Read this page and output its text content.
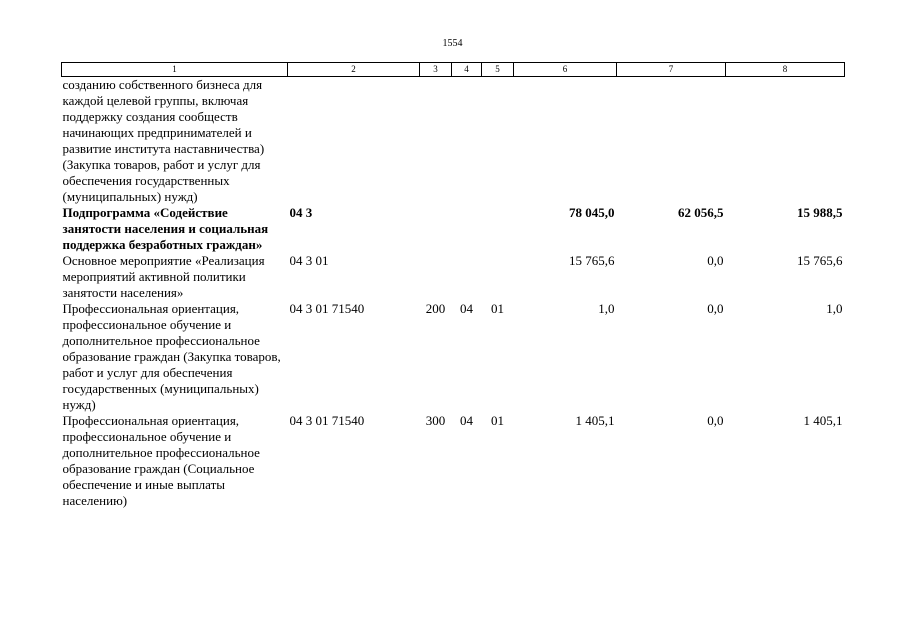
1554
1	2	3	4	5	6	7	8
созданию собственного бизнеса для каждой целевой группы, включая поддержку создания сообществ начинающих предпринимателей и развитие института наставничества) (Закупка товаров, работ и услуг для обеспечения государственных (муниципальных) нужд)							
Подпрограмма «Содействие занятости населения и социальная поддержка безработных граждан»	04 3				78 045,0	62 056,5	15 988,5
Основное мероприятие «Реализация мероприятий активной политики занятости населения»	04 3 01				15 765,6	0,0	15 765,6
Профессиональная ориентация, профессиональное обучение и дополнительное профессиональное образование граждан (Закупка товаров, работ и услуг для обеспечения государственных (муниципальных) нужд)	04 3 01 71540	200	04	01	1,0	0,0	1,0
Профессиональная ориентация, профессиональное обучение и дополнительное профессиональное образование граждан (Социальное обеспечение и иные выплаты населению)	04 3 01 71540	300	04	01	1 405,1	0,0	1 405,1
